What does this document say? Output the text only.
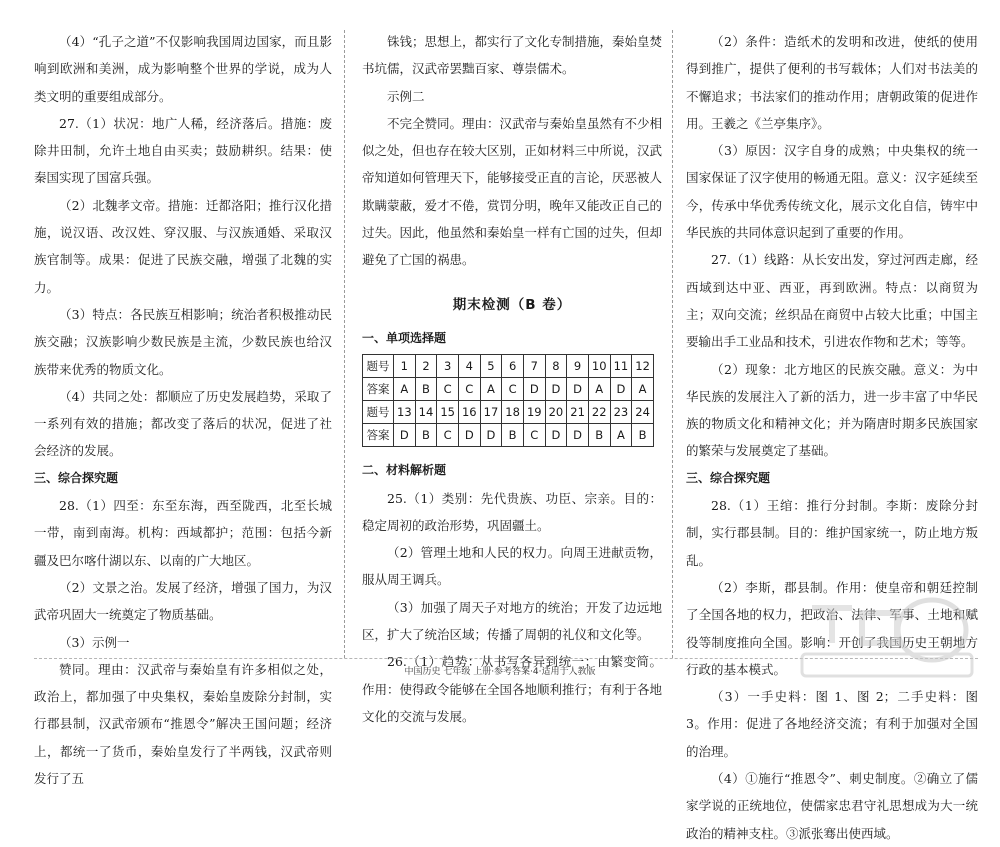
（4）“孔子之道”不仅影响我国周边国家，而且影响到欧洲和美洲，成为影响整个世界的学说，成为人类文明的重要组成部分。

27.（1）状况：地广人稀，经济落后。措施：废除井田制，允许土地自由买卖；鼓励耕织。结果：使秦国实现了国富兵强。

（2）北魏孝文帝。措施：迁都洛阳；推行汉化措施，说汉语、改汉姓、穿汉服、与汉族通婚、采取汉族官制等。成果：促进了民族交融，增强了北魏的实力。

（3）特点：各民族互相影响；统治者积极推动民族交融；汉族影响少数民族是主流，少数民族也给汉族带来优秀的物质文化。

（4）共同之处：都顺应了历史发展趋势，采取了一系列有效的措施；都改变了落后的状况，促进了社会经济的发展。

三、综合探究题

28.（1）四至：东至东海，西至陇西，北至长城一带，南到南海。机构：西域都护；范围：包括今新疆及巴尔喀什湖以东、以南的广大地区。

（2）文景之治。发展了经济，增强了国力，为汉武帝巩固大一统奠定了物质基础。

（3）示例一

赞同。理由：汉武帝与秦始皇有许多相似之处，政治上，都加强了中央集权，秦始皇废除分封制，实行郡县制，汉武帝颁布“推恩令”解决王国问题；经济上，都统一了货币，秦始皇发行了半两钱，汉武帝则发行了五

铢钱；思想上，都实行了文化专制措施，秦始皇焚书坑儒，汉武帝罢黜百家、尊崇儒术。

示例二

不完全赞同。理由：汉武帝与秦始皇虽然有不少相似之处，但也存在较大区别，正如材料三中所说，汉武帝知道如何管理天下，能够接受正直的言论，厌恶被人欺瞒蒙蔽，爱才不倦，赏罚分明，晚年又能改正自己的过失。因此，他虽然和秦始皇一样有亡国的过失，但却避免了亡国的祸患。

期末检测（B 卷）

一、单项选择题

题号	1	2	3	4	5	6	7	8	9	10	11	12
答案	A	B	C	C	A	C	D	D	D	A	D	A
题号	13	14	15	16	17	18	19	20	21	22	23	24
答案	D	B	C	D	D	B	C	D	D	B	A	B

二、材料解析题

25.（1）类别：先代贵族、功臣、宗亲。目的：稳定周初的政治形势，巩固疆土。

（2）管理土地和人民的权力。向周王进献贡物，服从周王调兵。

（3）加强了周天子对地方的统治；开发了边远地区，扩大了统治区域；传播了周朝的礼仪和文化等。

26.（1）趋势：从书写各异到统一；由繁变简。作用：使得政令能够在全国各地顺利推行；有利于各地文化的交流与发展。

（2）条件：造纸术的发明和改进，使纸的使用得到推广，提供了便利的书写载体；人们对书法美的不懈追求；书法家们的推动作用；唐朝政策的促进作用。王羲之《兰亭集序》。

（3）原因：汉字自身的成熟；中央集权的统一国家保证了汉字使用的畅通无阻。意义：汉字延续至今，传承中华优秀传统文化，展示文化自信，铸牢中华民族的共同体意识起到了重要的作用。

27.（1）线路：从长安出发，穿过河西走廊，经西域到达中亚、西亚，再到欧洲。特点：以商贸为主；双向交流；丝织品在商贸中占较大比重；中国主要输出手工业品和技术，引进农作物和艺术；等等。

（2）现象：北方地区的民族交融。意义：为中华民族的发展注入了新的活力，进一步丰富了中华民族的物质文化和精神文化；并为隋唐时期多民族国家的繁荣与发展奠定了基础。

三、综合探究题

28.（1）王绾：推行分封制。李斯：废除分封制，实行郡县制。目的：维护国家统一，防止地方叛乱。

（2）李斯，郡县制。作用：使皇帝和朝廷控制了全国各地的权力，把政治、法律、军事、土地和赋役等制度推向全国。影响：开创了我国历史王朝地方行政的基本模式。

（3）一手史料：图 1、图 2；二手史料：图 3。作用：促进了各地经济交流；有利于加强对全国的治理。

（4）①施行“推恩令”、刺史制度。②确立了儒家学说的正统地位，使儒家忠君守礼思想成为大一统政治的精神支柱。③派张骞出使西域。

中国历史 七年级 上册·参考答案·4·适用于人教版
